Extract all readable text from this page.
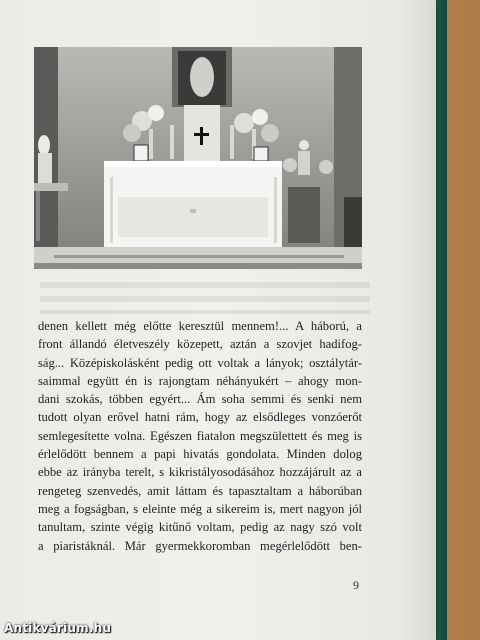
denen kellett még előtte keresztül mennem!... A háború, a
front állandó életveszély közepett, aztán a szovjet hadifog-
ság... Középiskolásként pedig ott voltak a lányok; osztálytár-
saimmal együtt én is rajongtam néhányukért – ahogy mon-
dani szokás, többen egyért... Ám soha semmi és senki nem
tudott olyan erővel hatni rám, hogy az elsődleges vonzóerőt
semlegesítette volna. Egészen fiatalon megszülettett és meg is
érlelődött bennem a papi hivatás gondolata. Minden dolog
ebbe az irányba terelt, s kikristályosodásához hozzájárult az a
rengeteg szenvedés, amit láttam és tapasztaltam a háborúban
meg a fogságban, s eleinte még a sikereim is, mert nagyon jól
tanultam, szinte végig kitűnő voltam, pedig az nagy szó volt
a piaristáknál. Már gyermekkoromban megérlelődött ben-
9
Antikvárium.hu
